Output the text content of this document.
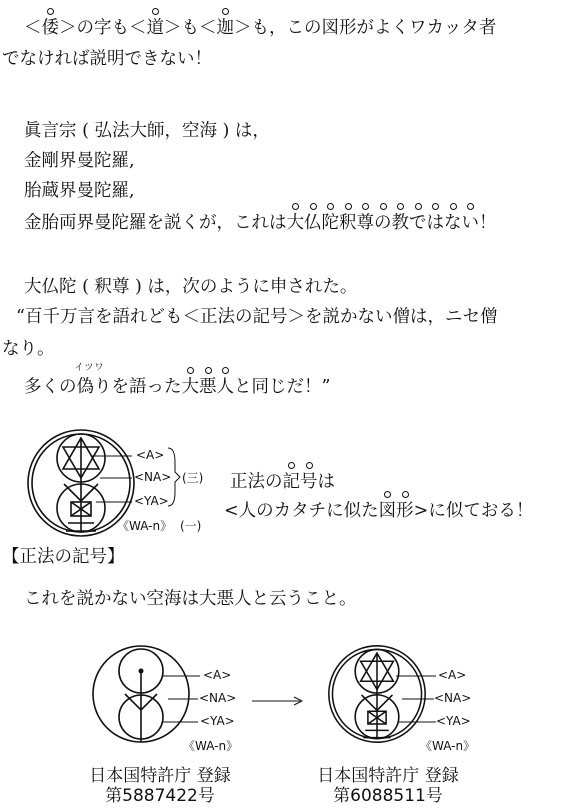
＜倭＞の字も＜道＞も＜迦＞も，この図形がよくワカッタ者
でなければ説明できない！
眞言宗 ( 弘法大師，空海 ) は，
金剛界曼陀羅,
胎蔵界曼陀羅,
金胎両界曼陀羅を説くが，これは大仏陀釈尊の教ではない！
大仏陀 ( 釈尊 ) は，次のように申された。
“百千万言を語れども＜正法の記号＞を説かない僧は，ニセ僧
なり。
多くの
イツワ
偽りを語った大悪人と同じだ！”
<A>
<NA>
<YA>
(三)
《WA-n》 (一)
正法の記号は
<人のカタチに似た図形>に似ておる！
【正法の記号】
これを説かない空海は大悪人と云うこと。
<A>
<NA>
<YA>
《WA-n》
日本国特許庁 登録
第5887422号
<A>
<NA>
<YA>
《WA-n》
日本国特許庁 登録
第6088511号
